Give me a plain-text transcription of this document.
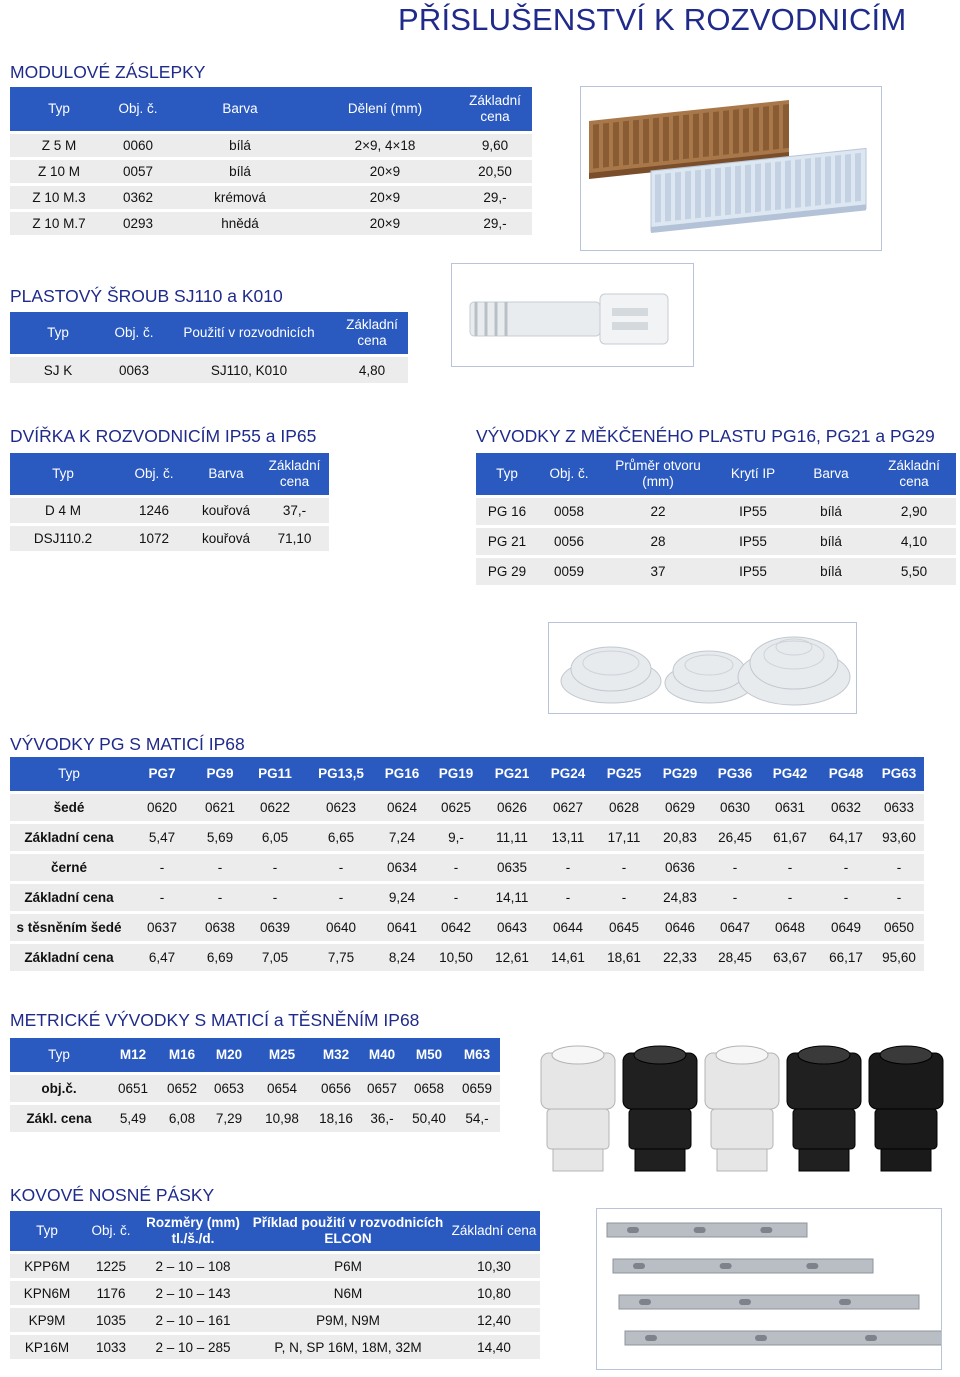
PŘÍSLUŠENSTVÍ K ROZVODNICÍM
MODULOVÉ ZÁSLEPKY
Typ	Obj. č.	Barva	Dělení (mm)	Základní cena
Z 5 M	0060	bílá	2×9, 4×18	9,60
Z 10 M	0057	bílá	20×9	20,50
Z 10 M.3	0362	krémová	20×9	29,-
Z 10 M.7	0293	hnědá	20×9	29,-
PLASTOVÝ ŠROUB SJ110 a K010
Typ	Obj. č.	Použití v rozvodnicích	Základní cena
SJ K	0063	SJ110, K010	4,80
DVÍŘKA K ROZVODNICÍM IP55 a IP65
Typ	Obj. č.	Barva	Základní cena
D 4 M	1246	kouřová	37,-
DSJ110.2	1072	kouřová	71,10
VÝVODKY Z MĚKČENÉHO PLASTU PG16, PG21 a PG29
Typ	Obj. č.	Průměr otvoru (mm)	Krytí IP	Barva	Základní cena
PG 16	0058	22	IP55	bílá	2,90
PG 21	0056	28	IP55	bílá	4,10
PG 29	0059	37	IP55	bílá	5,50
VÝVODKY PG S MATICÍ IP68
Typ	PG7	PG9	PG11	PG13,5	PG16	PG19	PG21	PG24	PG25	PG29	PG36	PG42	PG48	PG63
šedé	0620	0621	0622	0623	0624	0625	0626	0627	0628	0629	0630	0631	0632	0633
Základní cena	5,47	5,69	6,05	6,65	7,24	9,-	11,11	13,11	17,11	20,83	26,45	61,67	64,17	93,60
černé	-	-	-	-	0634	-	0635	-	-	0636	-	-	-	-
Základní cena	-	-	-	-	9,24	-	14,11	-	-	24,83	-	-	-	-
s těsněním šedé	0637	0638	0639	0640	0641	0642	0643	0644	0645	0646	0647	0648	0649	0650
Základní cena	6,47	6,69	7,05	7,75	8,24	10,50	12,61	14,61	18,61	22,33	28,45	63,67	66,17	95,60
METRICKÉ VÝVODKY S MATICÍ a TĚSNĚNÍM IP68
Typ	M12	M16	M20	M25	M32	M40	M50	M63
obj.č.	0651	0652	0653	0654	0656	0657	0658	0659
Zákl. cena	5,49	6,08	7,29	10,98	18,16	36,-	50,40	54,-
KOVOVÉ NOSNÉ PÁSKY
Typ	Obj. č.	Rozměry (mm) tl./š./d.	Příklad použití v rozvodnicích ELCON	Základní cena
KPP6M	1225	2 – 10 – 108	P6M	10,30
KPN6M	1176	2 – 10 – 143	N6M	10,80
KP9M	1035	2 – 10 – 161	P9M, N9M	12,40
KP16M	1033	2 – 10 – 285	P, N, SP 16M, 18M, 32M	14,40
